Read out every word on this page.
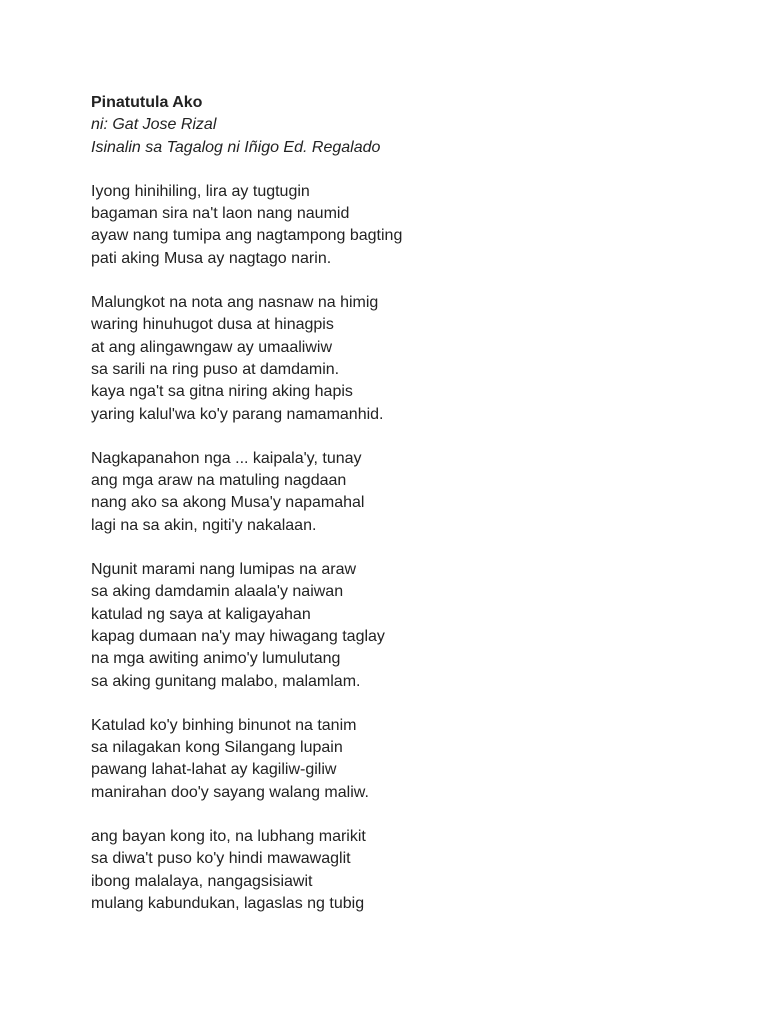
Pinatutula Ako

ni: Gat Jose Rizal

Isinalin sa Tagalog ni Iñigo Ed. Regalado

Iyong hinihiling, lira ay tugtugin
bagaman sira na't laon nang naumid
ayaw nang tumipa ang nagtampong bagting
pati aking Musa ay nagtago narin.
Malungkot na nota ang nasnaw na himig
waring hinuhugot dusa at hinagpis
at ang alingawngaw ay umaaliwiw
sa sarili na ring puso at damdamin.
kaya nga't sa gitna niring aking hapis
yaring kalul'wa ko'y parang namamanhid.
Nagkapanahon nga ... kaipala'y, tunay
ang mga araw na matuling nagdaan
nang ako sa akong Musa'y napamahal
lagi na sa akin, ngiti'y nakalaan.
Ngunit marami nang lumipas na araw
sa aking damdamin alaala'y naiwan
katulad ng saya at kaligayahan
kapag dumaan na'y may hiwagang taglay
na mga awiting animo'y lumulutang
sa aking gunitang malabo, malamlam.
Katulad ko'y binhing binunot na tanim
sa nilagakan kong Silangang lupain
pawang lahat-lahat ay kagiliw-giliw
manirahan doo'y sayang walang maliw.
ang bayan kong ito, na lubhang marikit
sa diwa't puso ko'y hindi mawawaglit
ibong malalaya, nangagsisiawit
mulang kabundukan, lagaslas ng tubig
